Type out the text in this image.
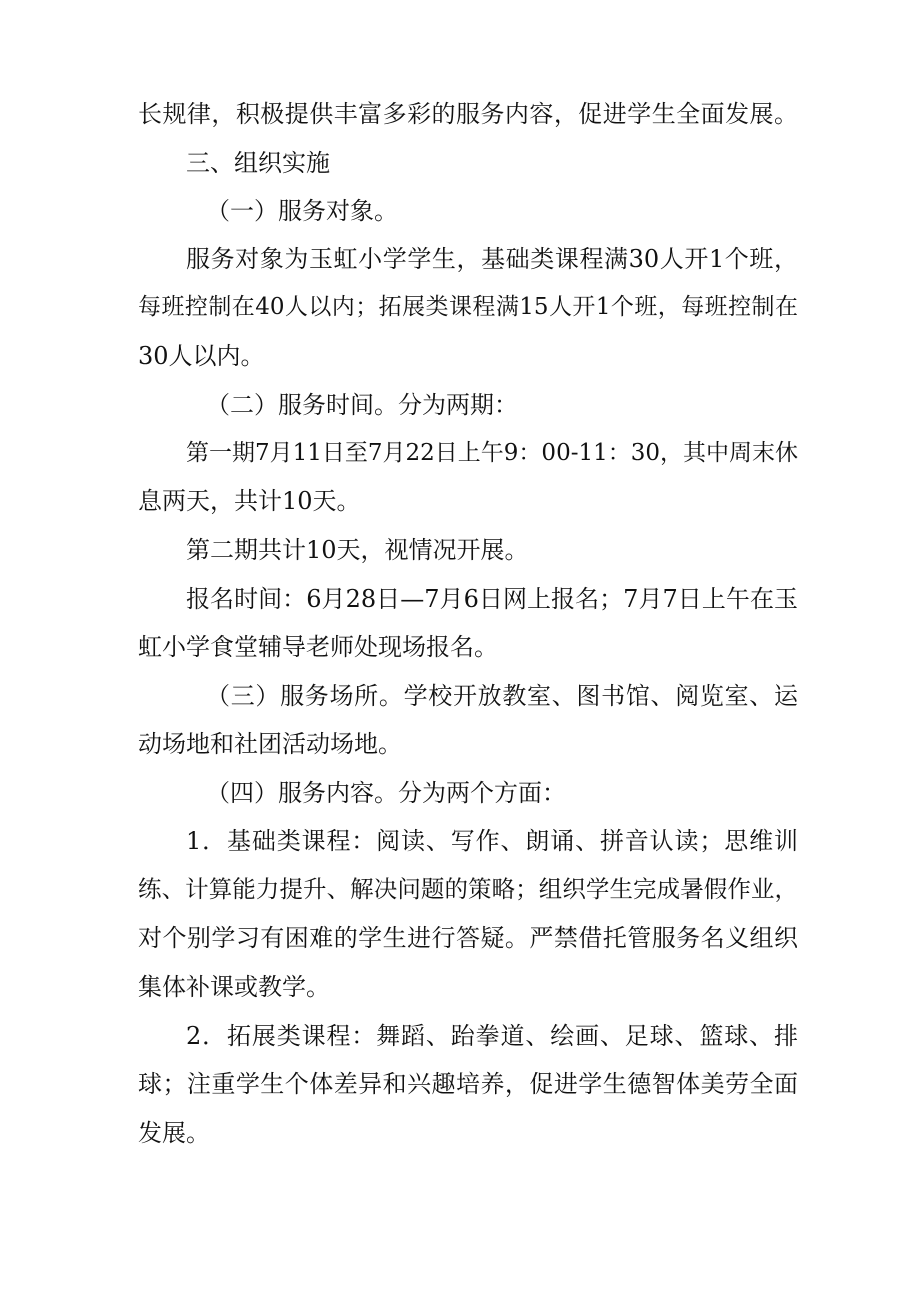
长规律，积极提供丰富多彩的服务内容，促进学生全面发展。
三、组织实施
（一）服务对象。
服务对象为玉虹小学学生，基础类课程满30人开1个班，
每班控制在40人以内；拓展类课程满15人开1个班，每班控制在
30人以内。
（二）服务时间。分为两期：
第一期7月11日至7月22日上午9：00-11：30，其中周末休
息两天，共计10天。
第二期共计10天，视情况开展。
报名时间：6月28日—7月6日网上报名；7月7日上午在玉
虹小学食堂辅导老师处现场报名。
（三）服务场所。学校开放教室、图书馆、阅览室、运
动场地和社团活动场地。
（四）服务内容。分为两个方面：
1．基础类课程：阅读、写作、朗诵、拼音认读；思维训
练、计算能力提升、解决问题的策略；组织学生完成暑假作业，
对个别学习有困难的学生进行答疑。严禁借托管服务名义组织
集体补课或教学。
2．拓展类课程：舞蹈、跆拳道、绘画、足球、篮球、排
球；注重学生个体差异和兴趣培养，促进学生德智体美劳全面
发展。
